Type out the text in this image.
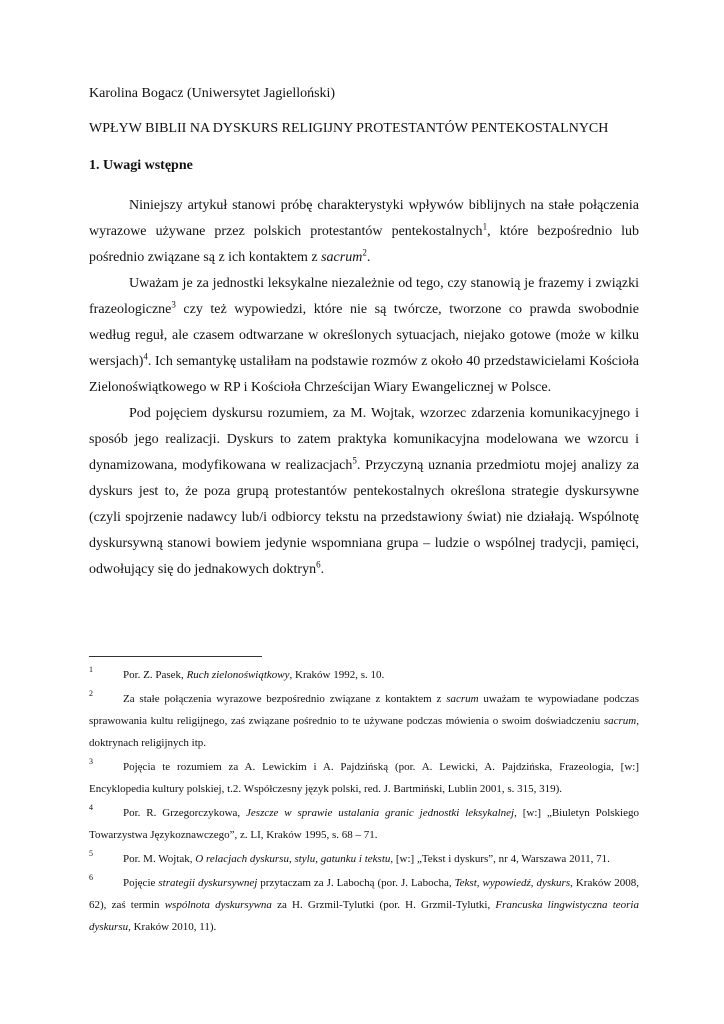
Karolina Bogacz (Uniwersytet Jagielloński)

WPŁYW BIBLII NA DYSKURS RELIGIJNY PROTESTANTÓW PENTEKOSTALNYCH
1. Uwagi wstępne

Niniejszy artykuł stanowi próbę charakterystyki wpływów biblijnych na stałe połączenia wyrazowe używane przez polskich protestantów pentekostalnych$^1$, które bezpośrednio lub pośrednio związane są z ich kontaktem z sacrum$^2$.

Uważam je za jednostki leksykalne niezależnie od tego, czy stanowią je frazemy i związki frazeologiczne$^3$ czy też wypowiedzi, które nie są twórcze, tworzone co prawda swobodnie według reguł, ale czasem odtwarzane w określonych sytuacjach, niejako gotowe (może w kilku wersjach)$^4$. Ich semantykę ustaliłam na podstawie rozmów z około 40 przedstawicielami Kościoła Zielonoświątkowego w RP i Kościoła Chrześcijan Wiary Ewangelicznej w Polsce.

Pod pojęciem dyskursu rozumiem, za M. Wojtak, wzorzec zdarzenia komunikacyjnego i sposób jego realizacji. Dyskurs to zatem praktyka komunikacyjna modelowana we wzorcu i dynamizowana, modyfikowana w realizacjach$^5$. Przyczyną uznania przedmiotu mojej analizy za dyskurs jest to, że poza grupą protestantów pentekostalnych określona strategie dyskursywne (czyli spojrzenie nadawcy lub/i odbiorcy tekstu na przedstawiony świat) nie działają. Wspólnotę dyskursywną stanowi bowiem jedynie wspomniana grupa – ludzie o wspólnej tradycji, pamięci, odwołujący się do jednakowych doktryn$^6$.

$^1$	Por. Z. Pasek, Ruch zielonoświątkowy, Kraków 1992, s. 10.

$^2$	Za stałe połączenia wyrazowe bezpośrednio związane z kontaktem z sacrum uważam te wypowiadane podczas sprawowania kultu religijnego, zaś związane pośrednio to te używane podczas mówienia o swoim doświadczeniu sacrum, doktrynach religijnych itp.

$^3$	Pojęcia te rozumiem za A. Lewickim i A. Pajdzińską (por. A. Lewicki, A. Pajdzińska, Frazeologia, [w:] Encyklopedia kultury polskiej, t.2. Współczesny język polski, red. J. Bartmiński, Lublin 2001, s. 315, 319).

$^4$	Por. R. Grzegorczykowa, Jeszcze w sprawie ustalania granic jednostki leksykalnej, [w:] „Biuletyn Polskiego Towarzystwa Językoznawczego”, z. LI, Kraków 1995, s. 68 – 71.

$^5$	Por. M. Wojtak, O relacjach dyskursu, stylu, gatunku i tekstu, [w:] „Tekst i dyskurs”, nr 4, Warszawa 2011, 71.

$^6$	Pojęcie strategii dyskursywnej przytaczam za J. Labochą (por. J. Labocha, Tekst, wypowiedź, dyskurs, Kraków 2008, 62), zaś termin wspólnota dyskursywna za H. Grzmil-Tylutki (por. H. Grzmil-Tylutki, Francuska lingwistyczna teoria dyskursu, Kraków 2010, 11).
